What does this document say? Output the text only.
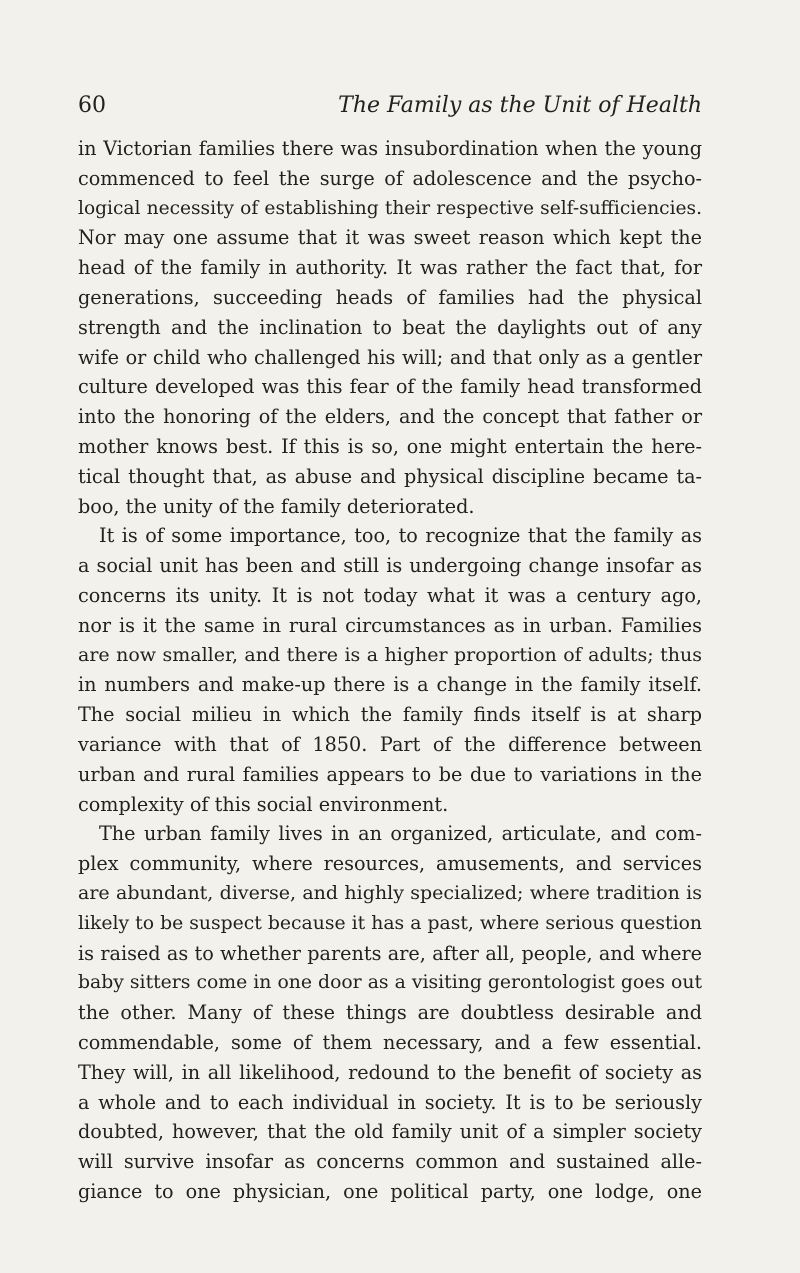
60	The Family as the Unit of Health
in Victorian families there was insubordination when the young
commenced to feel the surge of adolescence and the psycho-
logical necessity of establishing their respective self-sufficiencies.
Nor may one assume that it was sweet reason which kept the
head of the family in authority. It was rather the fact that, for
generations, succeeding heads of families had the physical
strength and the inclination to beat the daylights out of any
wife or child who challenged his will; and that only as a gentler
culture developed was this fear of the family head transformed
into the honoring of the elders, and the concept that father or
mother knows best. If this is so, one might entertain the here-
tical thought that, as abuse and physical discipline became ta-
boo, the unity of the family deteriorated.
It is of some importance, too, to recognize that the family as
a social unit has been and still is undergoing change insofar as
concerns its unity. It is not today what it was a century ago,
nor is it the same in rural circumstances as in urban. Families
are now smaller, and there is a higher proportion of adults; thus
in numbers and make-up there is a change in the family itself.
The social milieu in which the family finds itself is at sharp
variance with that of 1850. Part of the difference between
urban and rural families appears to be due to variations in the
complexity of this social environment.
The urban family lives in an organized, articulate, and com-
plex community, where resources, amusements, and services
are abundant, diverse, and highly specialized; where tradition is
likely to be suspect because it has a past, where serious question
is raised as to whether parents are, after all, people, and where
baby sitters come in one door as a visiting gerontologist goes out
the other. Many of these things are doubtless desirable and
commendable, some of them necessary, and a few essential.
They will, in all likelihood, redound to the benefit of society as
a whole and to each individual in society. It is to be seriously
doubted, however, that the old family unit of a simpler society
will survive insofar as concerns common and sustained alle-
giance to one physician, one political party, one lodge, one
